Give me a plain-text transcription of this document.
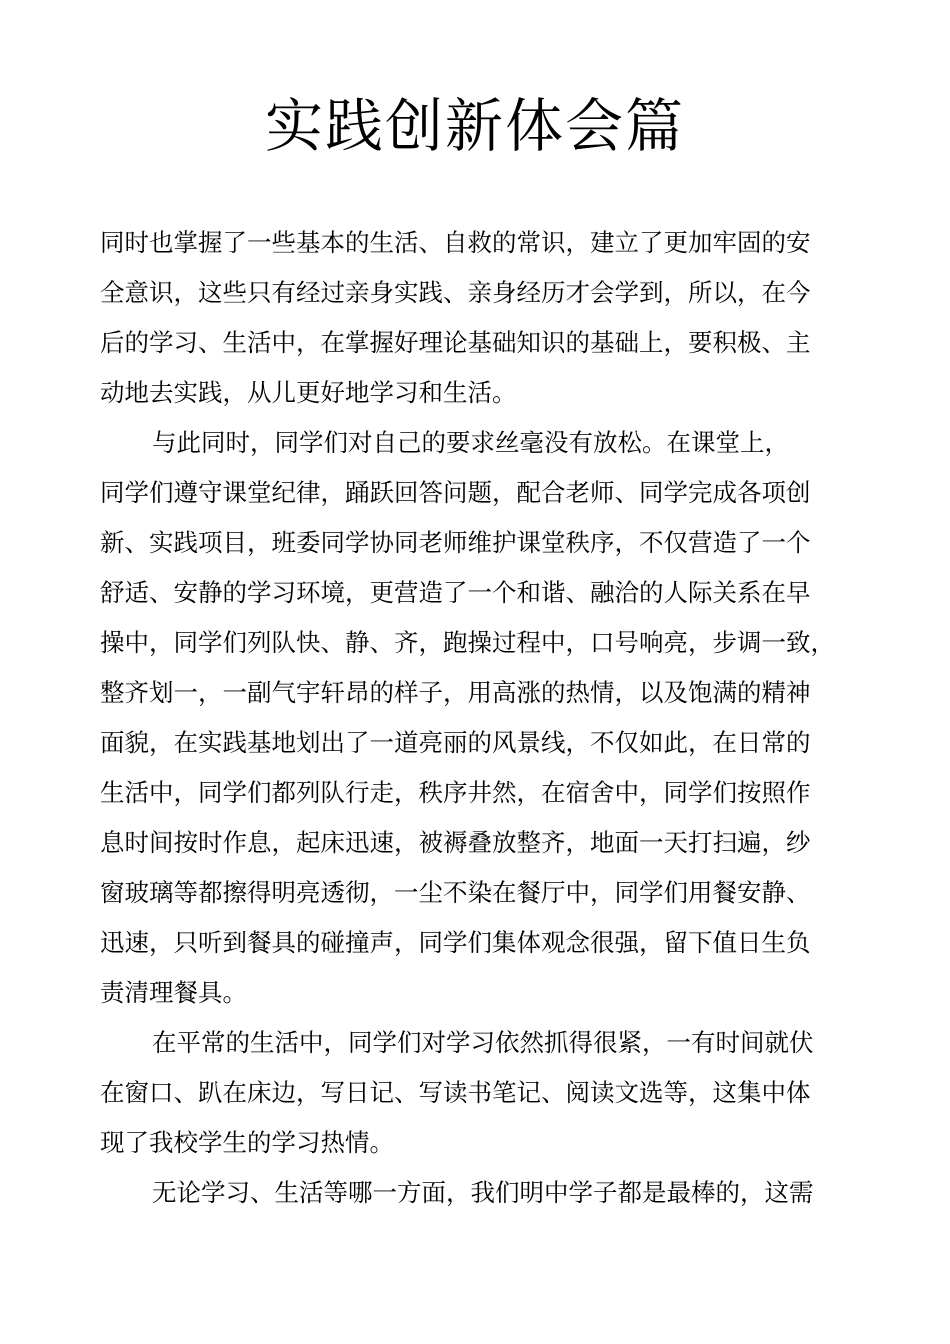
实践创新体会篇
同时也掌握了一些基本的生活、自救的常识，建立了更加牢固的安
全意识，这些只有经过亲身实践、亲身经历才会学到，所以，在今
后的学习、生活中，在掌握好理论基础知识的基础上，要积极、主
动地去实践，从儿更好地学习和生活。
与此同时，同学们对自己的要求丝毫没有放松。在课堂上，
同学们遵守课堂纪律，踊跃回答问题，配合老师、同学完成各项创
新、实践项目，班委同学协同老师维护课堂秩序，不仅营造了一个
舒适、安静的学习环境，更营造了一个和谐、融洽的人际关系在早
操中，同学们列队快、静、齐，跑操过程中，口号响亮，步调一致，
整齐划一，一副气宇轩昂的样子，用高涨的热情，以及饱满的精神
面貌，在实践基地划出了一道亮丽的风景线，不仅如此，在日常的
生活中，同学们都列队行走，秩序井然，在宿舍中，同学们按照作
息时间按时作息，起床迅速，被褥叠放整齐，地面一天打扫遍，纱
窗玻璃等都擦得明亮透彻，一尘不染在餐厅中，同学们用餐安静、
迅速，只听到餐具的碰撞声，同学们集体观念很强，留下值日生负
责清理餐具。
在平常的生活中，同学们对学习依然抓得很紧，一有时间就伏
在窗口、趴在床边，写日记、写读书笔记、阅读文选等，这集中体
现了我校学生的学习热情。
无论学习、生活等哪一方面，我们明中学子都是最棒的，这需
